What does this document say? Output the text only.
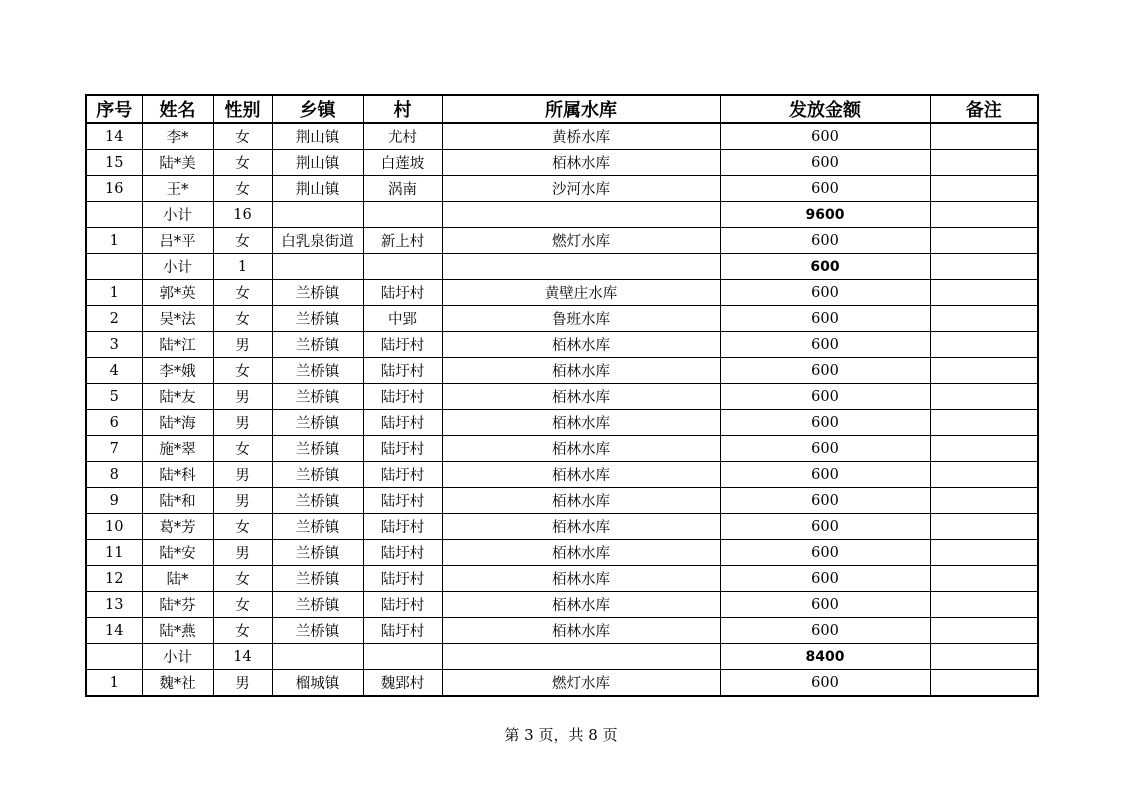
序号	姓名	性别	乡镇	村	所属水库	发放金额	备注
14	李*	女	荆山镇	尤村	黄桥水库	600	
15	陆*美	女	荆山镇	白莲坡	栢林水库	600	
16	王*	女	荆山镇	涡南	沙河水库	600	
	小计	16				9600	
1	吕*平	女	白乳泉街道	新上村	燃灯水库	600	
	小计	1				600	
1	郭*英	女	兰桥镇	陆圩村	黄壁庄水库	600	
2	吴*法	女	兰桥镇	中郢	鲁班水库	600	
3	陆*江	男	兰桥镇	陆圩村	栢林水库	600	
4	李*娥	女	兰桥镇	陆圩村	栢林水库	600	
5	陆*友	男	兰桥镇	陆圩村	栢林水库	600	
6	陆*海	男	兰桥镇	陆圩村	栢林水库	600	
7	施*翠	女	兰桥镇	陆圩村	栢林水库	600	
8	陆*科	男	兰桥镇	陆圩村	栢林水库	600	
9	陆*和	男	兰桥镇	陆圩村	栢林水库	600	
10	葛*芳	女	兰桥镇	陆圩村	栢林水库	600	
11	陆*安	男	兰桥镇	陆圩村	栢林水库	600	
12	陆*	女	兰桥镇	陆圩村	栢林水库	600	
13	陆*芬	女	兰桥镇	陆圩村	栢林水库	600	
14	陆*燕	女	兰桥镇	陆圩村	栢林水库	600	
	小计	14				8400	
1	魏*社	男	榴城镇	魏郢村	燃灯水库	600	
第 3 页，共 8 页
